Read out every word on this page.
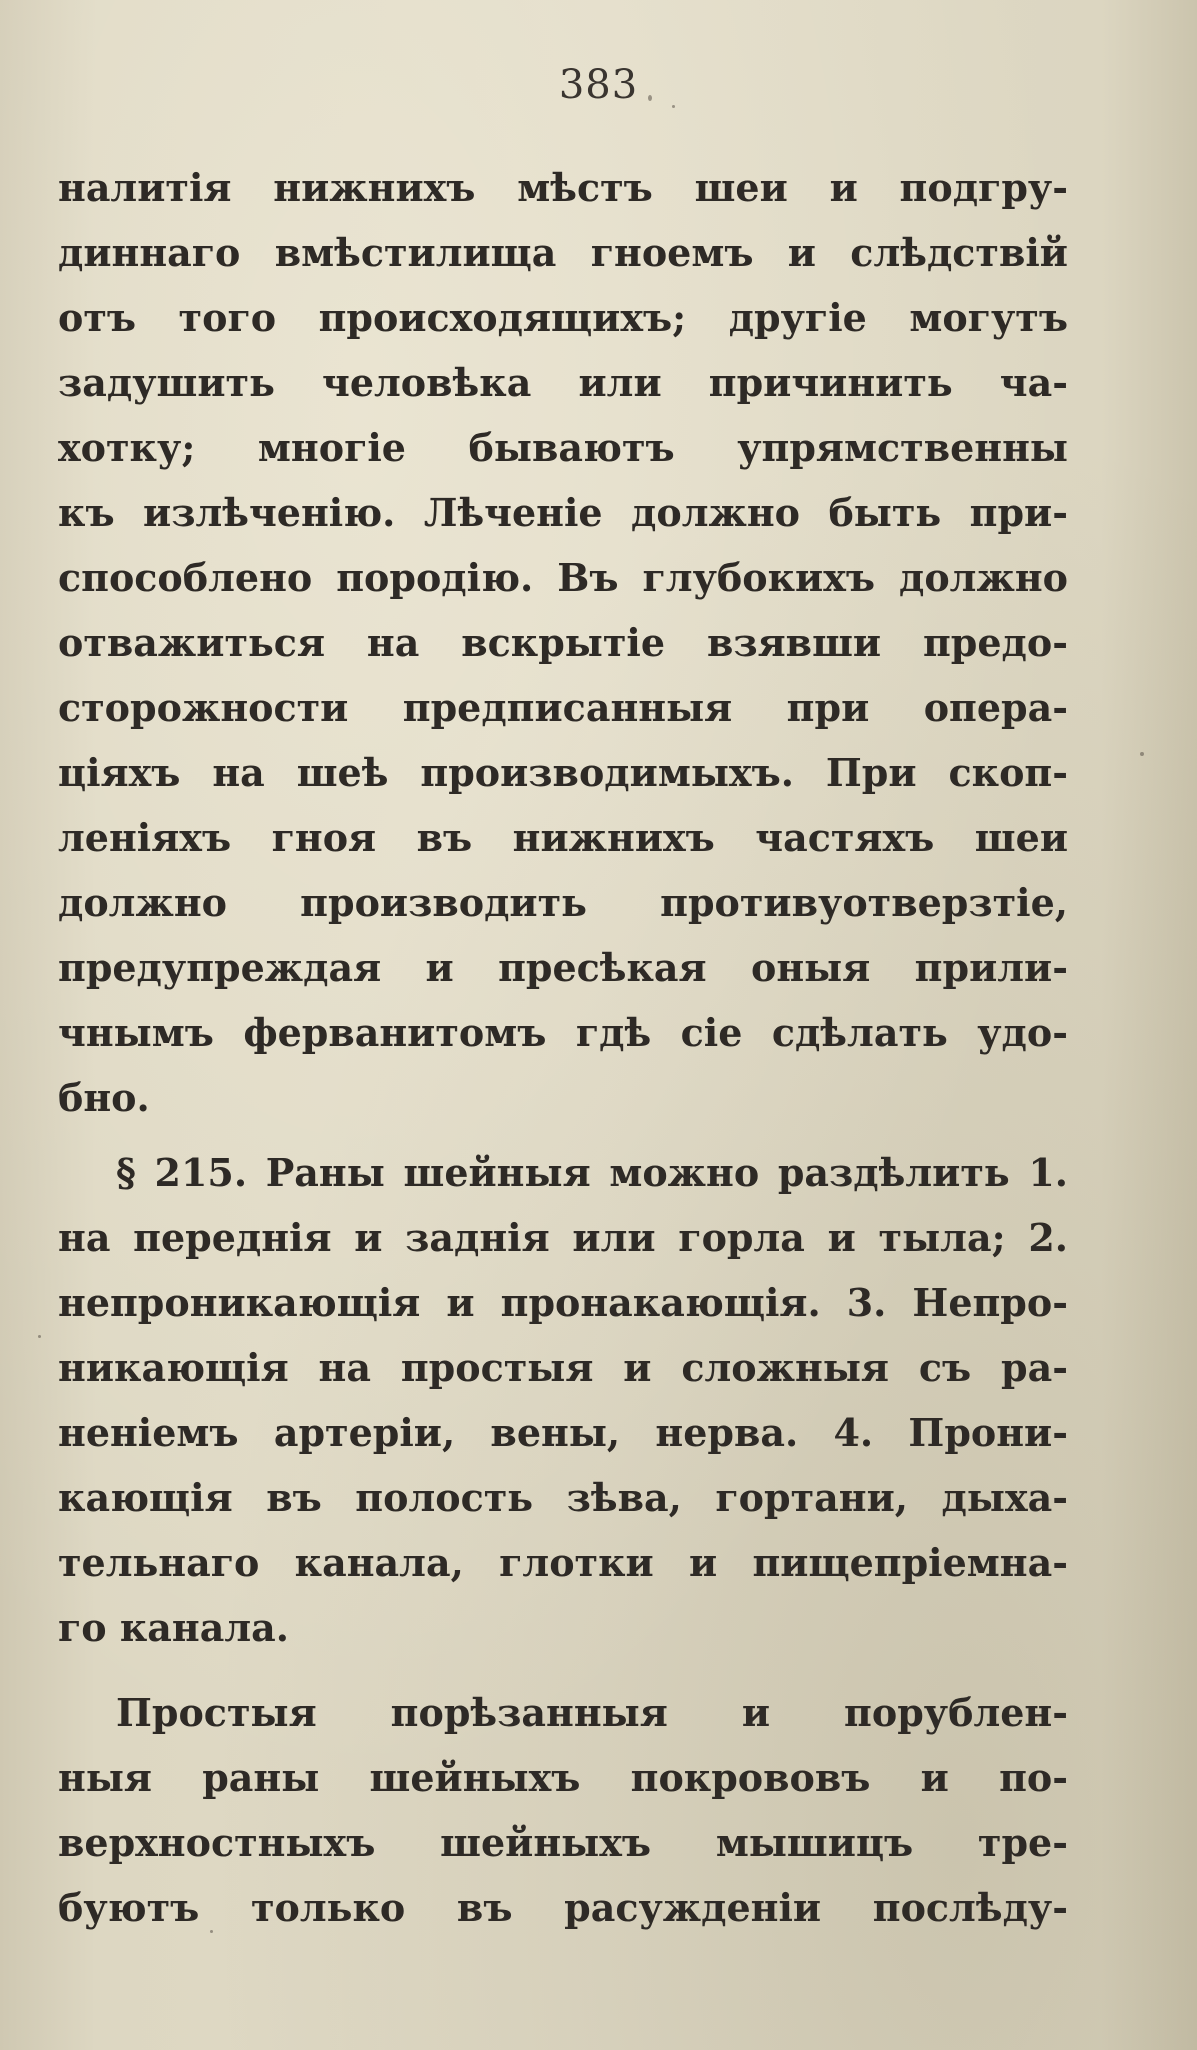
383
налитія нижнихъ мѣстъ шеи и подгру-
диннаго вмѣстилища гноемъ и слѣдствій
отъ того происходящихъ; другіе могутъ
задушить человѣка или причинить ча-
хотку; многіе бываютъ упрямственны
къ излѣченію. Лѣченіе должно быть при-
способлено породію. Въ глубокихъ должно
отважиться на вскрытіе взявши предо-
сторожности предписанныя при опера-
ціяхъ на шеѣ производимыхъ. При скоп-
леніяхъ гноя въ нижнихъ частяхъ шеи
должно производить противуотверзтіе,
предупреждая и пресѣкая оныя прили-
чнымъ ферванитомъ гдѣ сіе сдѣлать удо-
бно.
§ 215. Раны шейныя можно раздѣлить 1.
на переднія и заднія или горла и тыла; 2.
непроникающія и пронакающія. 3. Непро-
никающія на простыя и сложныя съ ра-
неніемъ артеріи, вены, нерва. 4. Прони-
кающія въ полость зѣва, гортани, дыха-
тельнаго канала, глотки и пищепріемна-
го канала.
Простыя порѣзанныя и порублен-
ныя раны шейныхъ покрововъ и по-
верхностныхъ шейныхъ мышицъ тре-
буютъ только въ расужденіи послѣду-
